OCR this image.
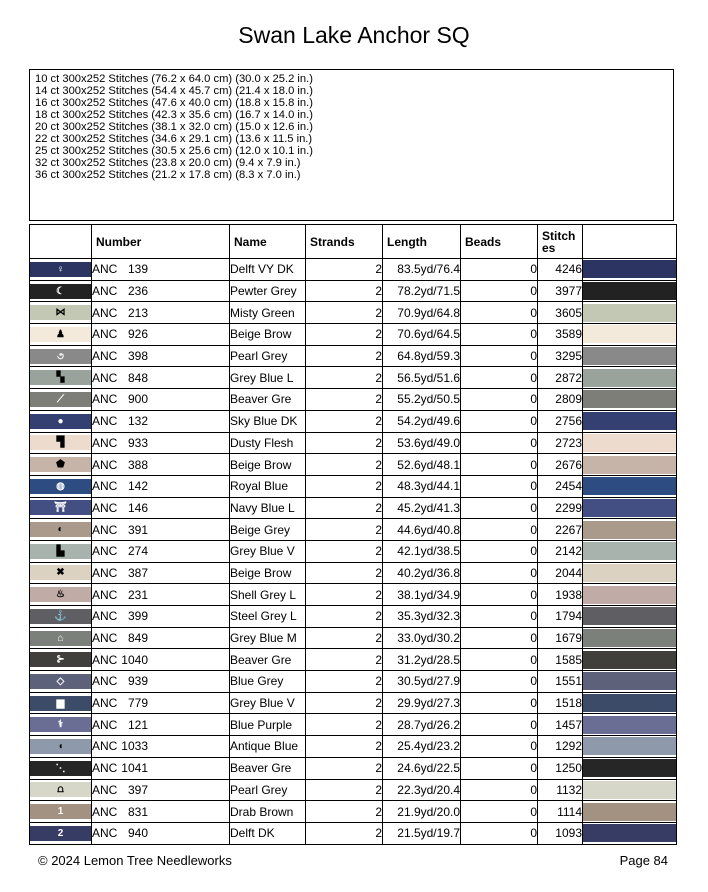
Swan Lake Anchor SQ
10 ct 300x252 Stitches (76.2 x 64.0 cm) (30.0 x 25.2 in.)
14 ct 300x252 Stitches (54.4 x 45.7 cm) (21.4 x 18.0 in.)
16 ct 300x252 Stitches (47.6 x 40.0 cm) (18.8 x 15.8 in.)
18 ct 300x252 Stitches (42.3 x 35.6 cm) (16.7 x 14.0 in.)
20 ct 300x252 Stitches (38.1 x 32.0 cm) (15.0 x 12.6 in.)
22 ct 300x252 Stitches (34.6 x 29.1 cm) (13.6 x 11.5 in.)
25 ct 300x252 Stitches (30.5 x 25.6 cm) (12.0 x 10.1 in.)
32 ct 300x252 Stitches (23.8 x 20.0 cm) (9.4 x 7.9 in.)
36 ct 300x252 Stitches (21.2 x 17.8 cm) (8.3 x 7.0 in.)
	Number	Name	Strands	Length	Beads	Stitch es	

♀	ANC 139	Delft VY DK	2	83.5yd/76.4	0	4246	

☾	ANC 236	Pewter Grey	2	78.2yd/71.5	0	3977	

⋈	ANC 213	Misty Green	2	70.9yd/64.8	0	3605	

♟	ANC 926	Beige Brow	2	70.6yd/64.5	0	3589	

૭	ANC 398	Pearl Grey	2	64.8yd/59.3	0	3295	

▚	ANC 848	Grey Blue L	2	56.5yd/51.6	0	2872	

⟋	ANC 900	Beaver Gre	2	55.2yd/50.5	0	2809	

●	ANC 132	Sky Blue DK	2	54.2yd/49.6	0	2756	

▜	ANC 933	Dusty Flesh	2	53.6yd/49.0	0	2723	

⬟	ANC 388	Beige Brow	2	52.6yd/48.1	0	2676	

◍	ANC 142	Royal Blue	2	48.3yd/44.1	0	2454	

⛩	ANC 146	Navy Blue L	2	45.2yd/41.3	0	2299	

◐	ANC 391	Beige Grey	2	44.6yd/40.8	0	2267	

▙	ANC 274	Grey Blue V	2	42.1yd/38.5	0	2142	

✖	ANC 387	Beige Brow	2	40.2yd/36.8	0	2044	

♨	ANC 231	Shell Grey L	2	38.1yd/34.9	0	1938	

⚓	ANC 399	Steel Grey L	2	35.3yd/32.3	0	1794	

⌂	ANC 849	Grey Blue M	2	33.0yd/30.2	0	1679	

⊱	ANC 1040	Beaver Gre	2	31.2yd/28.5	0	1585	

◇	ANC 939	Blue Grey	2	30.5yd/27.9	0	1551	

▆	ANC 779	Grey Blue V	2	29.9yd/27.3	0	1518	

⚕	ANC 121	Blue Purple	2	28.7yd/26.2	0	1457	

◖	ANC 1033	Antique Blue	2	25.4yd/23.2	0	1292	

⋱	ANC 1041	Beaver Gre	2	24.6yd/22.5	0	1250	

⩍	ANC 397	Pearl Grey	2	22.3yd/20.4	0	1132	

1	ANC 831	Drab Brown	2	21.9yd/20.0	0	1114	

2	ANC 940	Delft DK	2	21.5yd/19.7	0	1093	
© 2024 Lemon Tree Needleworks	Page 84
